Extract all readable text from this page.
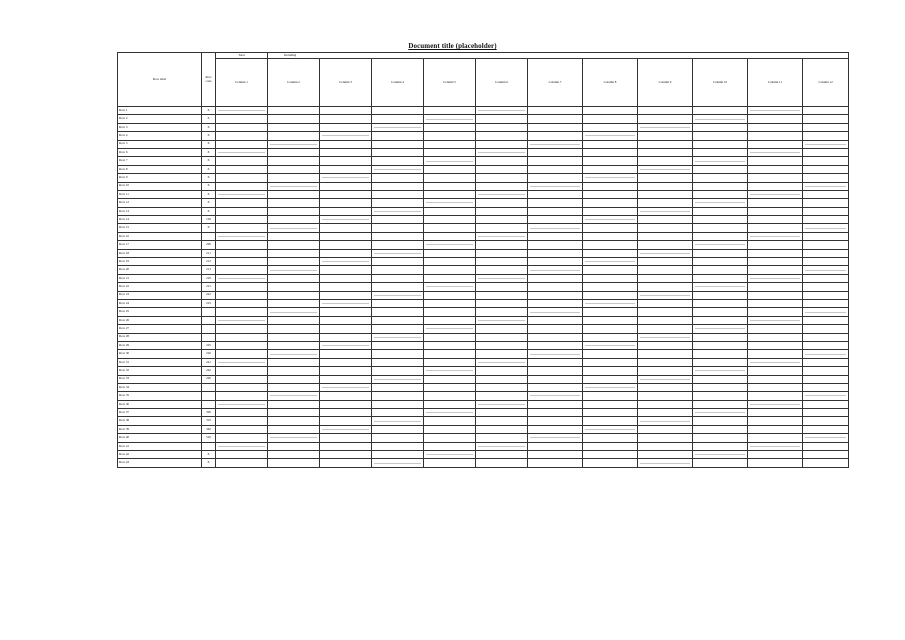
Document title (placeholder)
Row label	Row code	Total	Including										
		Column 1	Column 2	Column 3	Column 4	Column 5	Column 6	Column 7	Column 8	Column 9	Column 10	Column 11	Column 12
Row 1	X	

Row 2	X					

Row 3	X				

Row 4	X			

Row 5	X		

Row 6	X	

Row 7	X					

Row 8	X				

Row 9	X			

Row 10	X		

Row 11	X	

Row 12	X					

Row 13	X				

Row 14	100			

Row 15	X		

Row 16		

Row 17	200					

Row 18	211				

Row 19	212			

Row 20	213		

Row 21	220	

Row 22	221					

Row 23	222				

Row 24	223			

Row 25			

Row 26		

Row 27						

Row 28					

Row 29	225			

Row 30	226		

Row 31	241	

Row 32	262					

Row 33	290				

Row 34				

Row 35			

Row 36		

Row 37	300					

Row 38	310				

Row 39	340			

Row 40	520		

Row 41		

Row 42	X					

Row 43	X				
